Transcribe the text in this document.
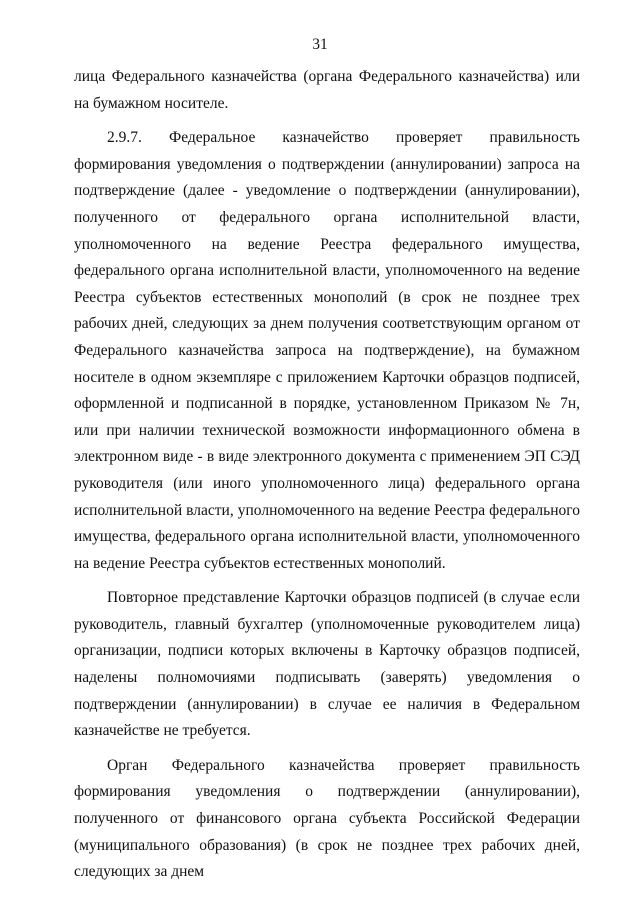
31

лица Федерального казначейства (органа Федерального казначейства) или на бумажном носителе.

2.9.7. Федеральное казначейство проверяет правильность формирования уведомления о подтверждении (аннулировании) запроса на подтверждение (далее - уведомление о подтверждении (аннулировании), полученного от федерального органа исполнительной власти, уполномоченного на ведение Реестра федерального имущества, федерального органа исполнительной власти, уполномоченного на ведение Реестра субъектов естественных монополий (в срок не позднее трех рабочих дней, следующих за днем получения соответствующим органом от Федерального казначейства запроса на подтверждение), на бумажном носителе в одном экземпляре с приложением Карточки образцов подписей, оформленной и подписанной в порядке, установленном Приказом № 7н, или при наличии технической возможности информационного обмена в электронном виде - в виде электронного документа с применением ЭП СЭД руководителя (или иного уполномоченного лица) федерального органа исполнительной власти, уполномоченного на ведение Реестра федерального имущества, федерального органа исполнительной власти, уполномоченного на ведение Реестра субъектов естественных монополий.

Повторное представление Карточки образцов подписей (в случае если руководитель, главный бухгалтер (уполномоченные руководителем лица) организации, подписи которых включены в Карточку образцов подписей, наделены полномочиями подписывать (заверять) уведомления о подтверждении (аннулировании) в случае ее наличия в Федеральном казначействе не требуется.

Орган Федерального казначейства проверяет правильность формирования уведомления о подтверждении (аннулировании), полученного от финансового органа субъекта Российской Федерации (муниципального образования) (в срок не позднее трех рабочих дней, следующих за днем
